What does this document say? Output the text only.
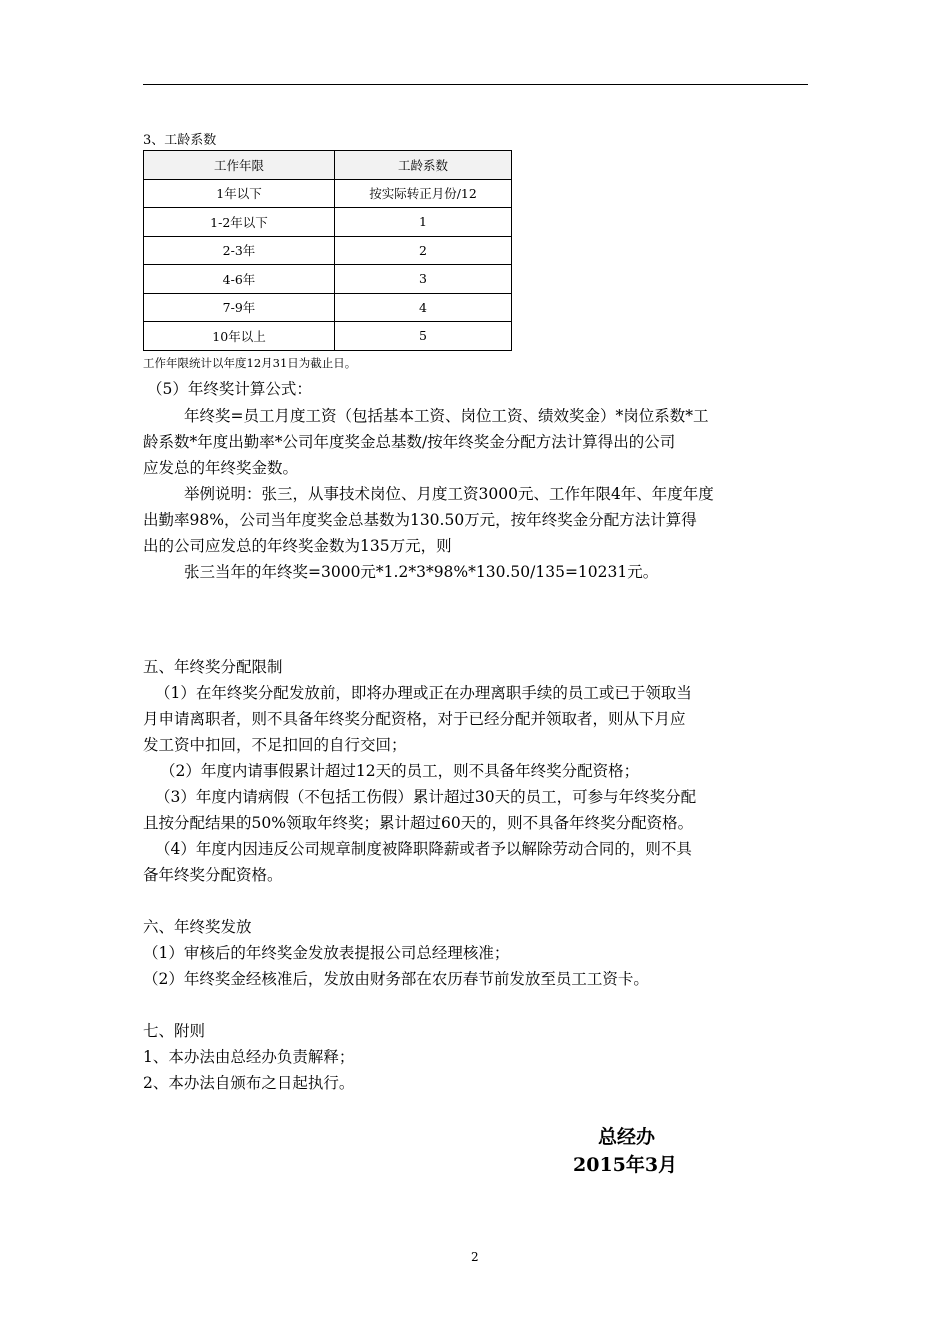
3、工龄系数
工作年限	工龄系数
1年以下	按实际转正月份/12
1-2年以下	1
2-3年	2
4-6年	3
7-9年	4
10年以上	5
工作年限统计以年度12月31日为截止日。
（5）年终奖计算公式：
年终奖=员工月度工资（包括基本工资、岗位工资、绩效奖金）*岗位系数*工
龄系数*年度出勤率*公司年度奖金总基数/按年终奖金分配方法计算得出的公司
应发总的年终奖金数。
举例说明：张三，从事技术岗位、月度工资3000元、工作年限4年、年度年度
出勤率98%，公司当年度奖金总基数为130.50万元，按年终奖金分配方法计算得
出的公司应发总的年终奖金数为135万元，则
张三当年的年终奖=3000元*1.2*3*98%*130.50/135=10231元。
五、年终奖分配限制
（1）在年终奖分配发放前，即将办理或正在办理离职手续的员工或已于领取当
月申请离职者，则不具备年终奖分配资格，对于已经分配并领取者，则从下月应
发工资中扣回，不足扣回的自行交回；
（2）年度内请事假累计超过12天的员工，则不具备年终奖分配资格；
（3）年度内请病假（不包括工伤假）累计超过30天的员工，可参与年终奖分配
且按分配结果的50%领取年终奖；累计超过60天的，则不具备年终奖分配资格。
（4）年度内因违反公司规章制度被降职降薪或者予以解除劳动合同的，则不具
备年终奖分配资格。
六、年终奖发放
（1）审核后的年终奖金发放表提报公司总经理核准；
（2）年终奖金经核准后，发放由财务部在农历春节前发放至员工工资卡。
七、附则
1、本办法由总经办负责解释；
2、本办法自颁布之日起执行。
总经办
2015年3月
2
